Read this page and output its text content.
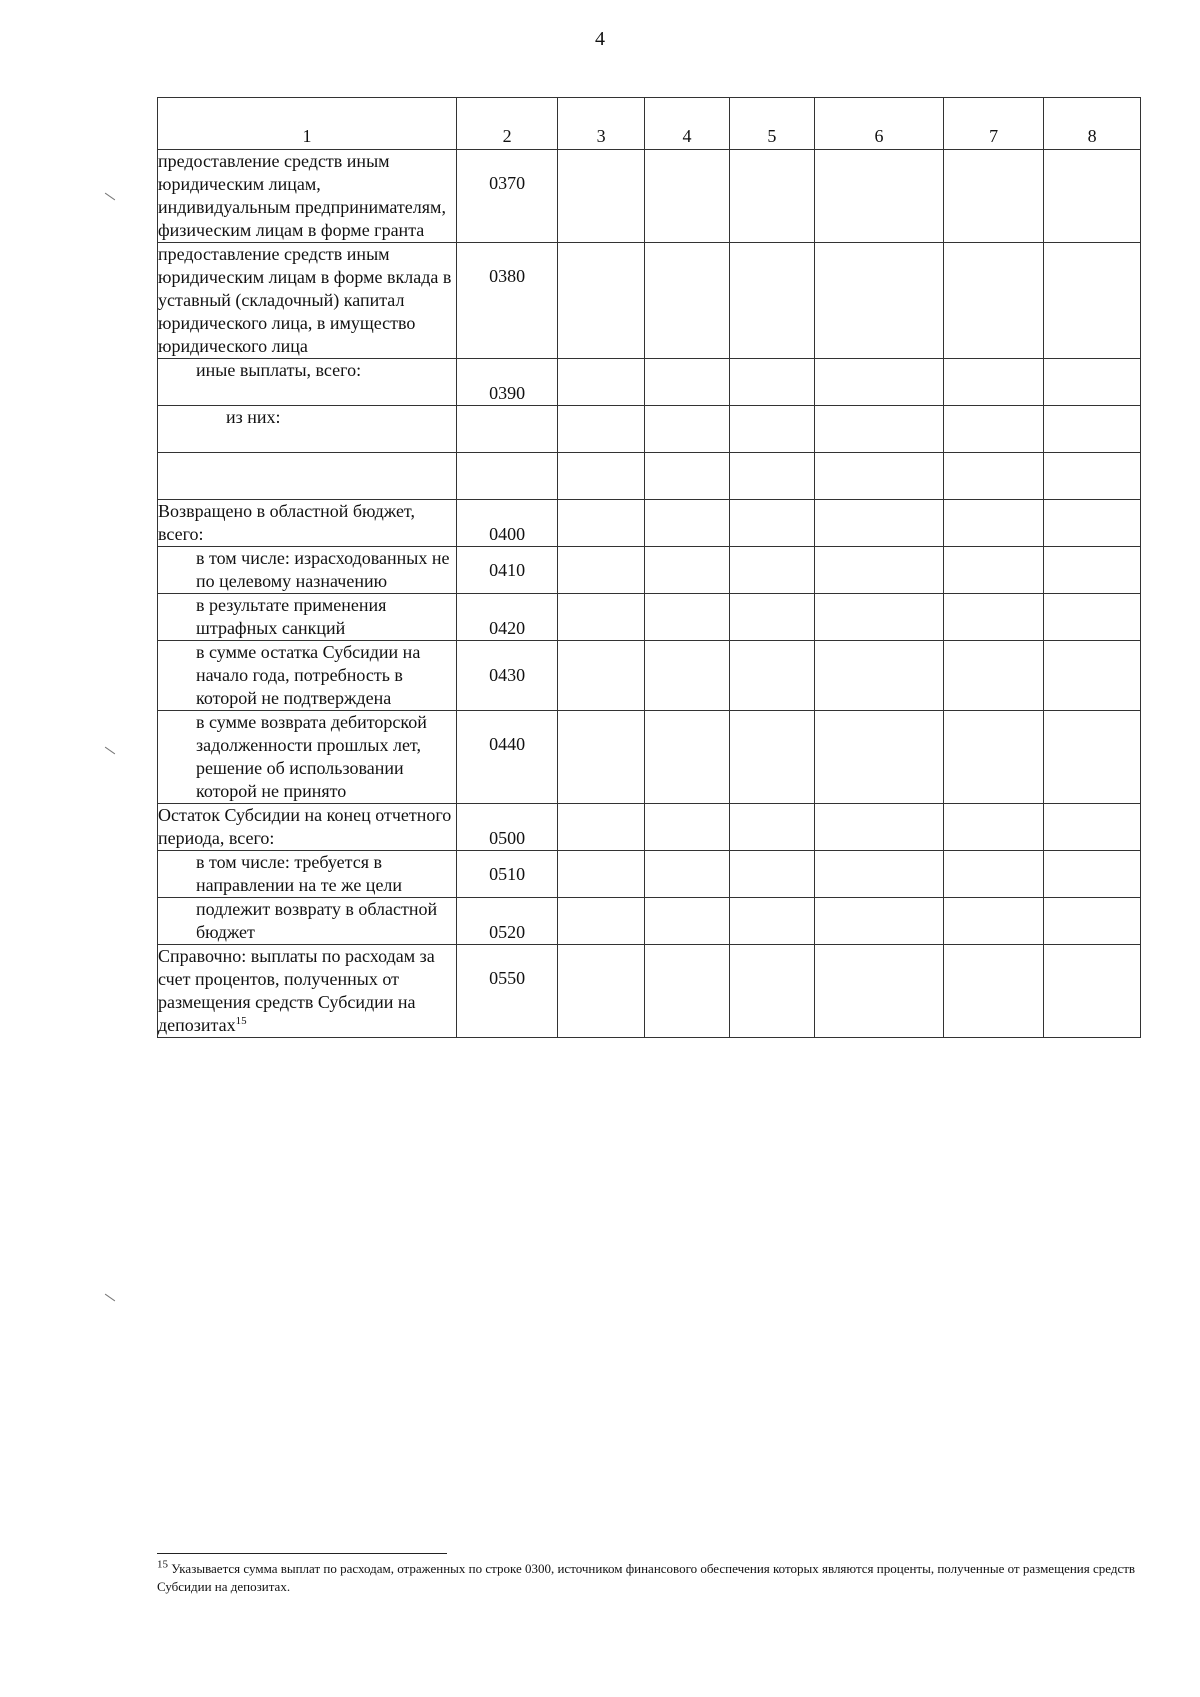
4
1	2	3	4	5	6	7	8
предоставление средств иным юридическим лицам, индивидуальным предпринимателям, физическим лицам в форме гранта	0370						
предоставление средств иным юридическим лицам в форме вклада в уставный (складочный) капитал юридического лица, в имущество юридического лица	0380						
иные выплаты, всего:	0390						
из них:							

Возвращено в областной бюджет, всего:	0400						
в том числе: израсходованных не по целевому назначению	0410						
в результате применения штрафных санкций	0420						
в сумме остатка Субсидии на начало года, потребность в которой не подтверждена	0430						
в сумме возврата дебиторской задолженности прошлых лет, решение об использовании которой не принято	0440						
Остаток Субсидии на конец отчетного периода, всего:	0500						
в том числе: требуется в направлении на те же цели	0510						
подлежит возврату в областной бюджет	0520						
Справочно: выплаты по расходам за счет процентов, полученных от размещения средств Субсидии на депозитах$^{15}$	0550						
$^{15}$ Указывается сумма выплат по расходам, отраженных по строке 0300, источником финансового обеспечения которых являются проценты, полученные от размещения средств Субсидии на депозитах.
